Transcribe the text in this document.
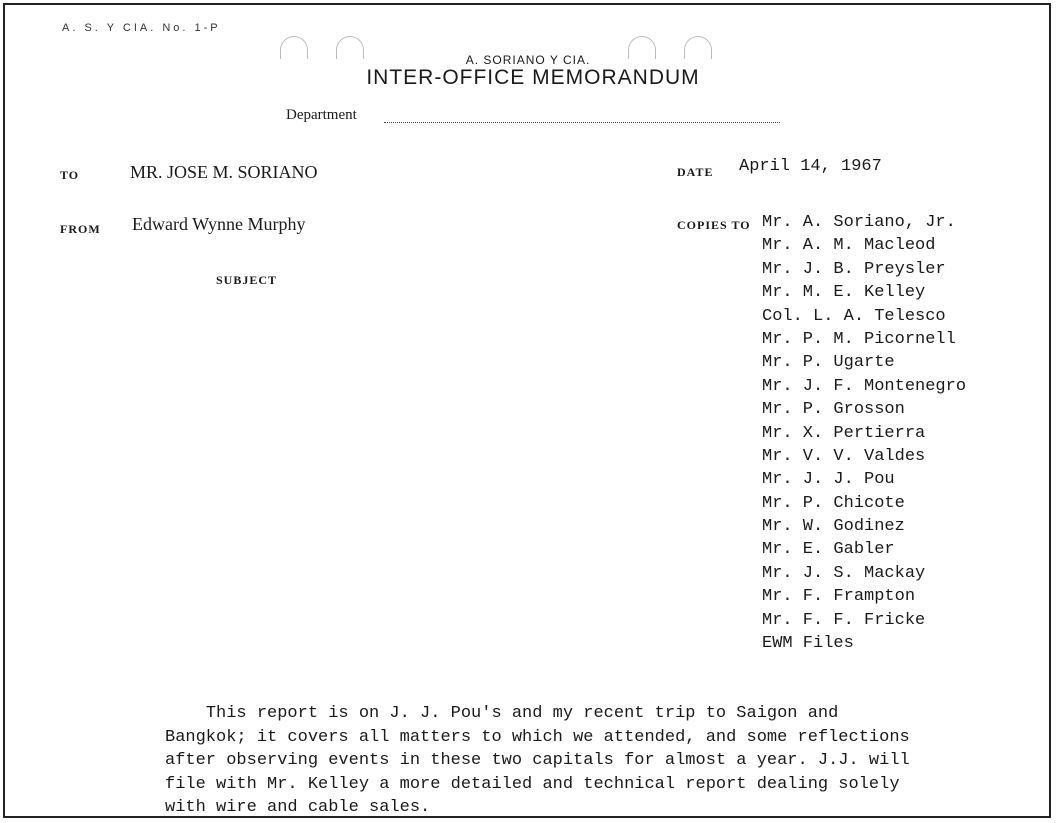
A. S. Y CIA. No. 1-P
A. SORIANO Y CIA.
INTER-OFFICE MEMORANDUM
Department
TO	MR. JOSE M. SORIANO
FROM Edward Wynne Murphy
SUBJECT
DATE April 14, 1967
COPIES TO Mr. A. Soriano, Jr.
Mr. A. M. Macleod
Mr. J. B. Preysler
Mr. M. E. Kelley
Col. L. A. Telesco
Mr. P. M. Picornell
Mr. P. Ugarte
Mr. J. F. Montenegro
Mr. P. Grosson
Mr. X. Pertierra
Mr. V. V. Valdes
Mr. J. J. Pou
Mr. P. Chicote
Mr. W. Godinez
Mr. E. Gabler
Mr. J. S. Mackay
Mr. F. Frampton
Mr. F. F. Fricke
EWM Files

This report is on J. J. Pou's and my recent trip to Saigon and
Bangkok; it covers all matters to which we attended, and some reflections
after observing events in these two capitals for almost a year. J.J. will
file with Mr. Kelley a more detailed and technical report dealing solely
with wire and cable sales.
